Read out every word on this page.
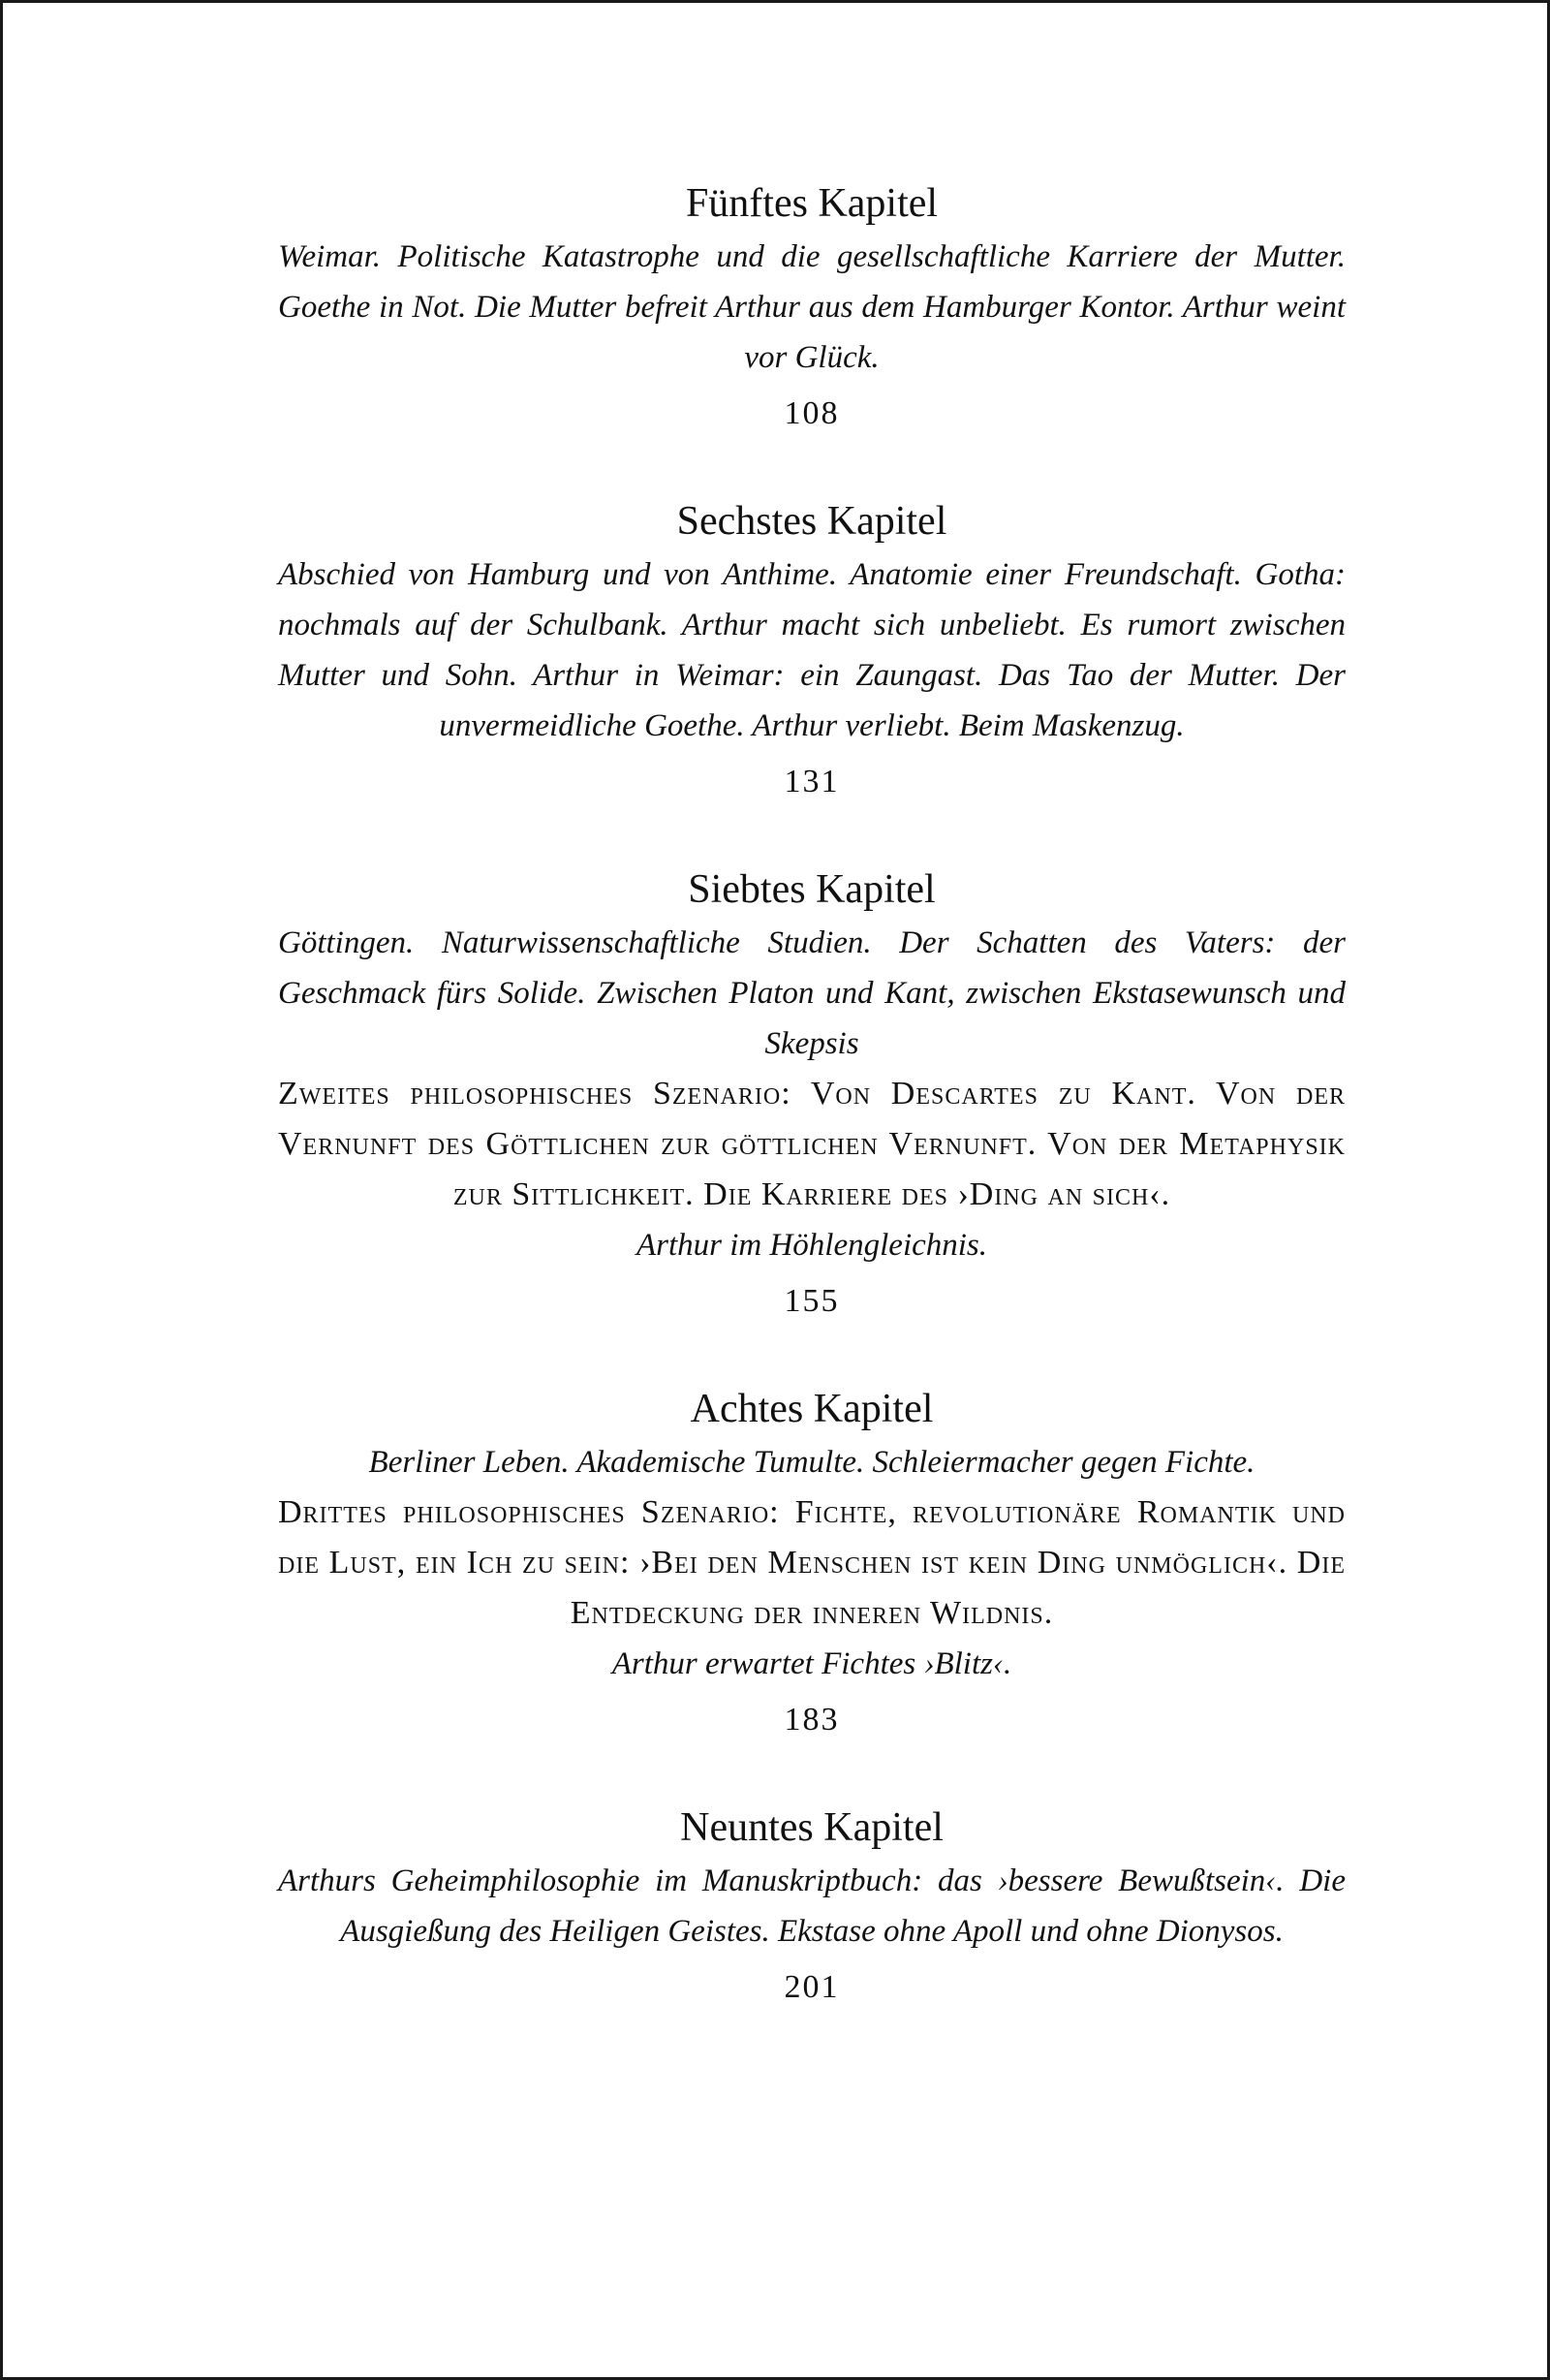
Fünftes Kapitel

Weimar. Politische Katastrophe und die gesellschaftliche Karriere der Mutter. Goethe in Not. Die Mutter befreit Arthur aus dem Hamburger Kontor. Arthur weint vor Glück.

108

Sechstes Kapitel

Abschied von Hamburg und von Anthime. Anatomie einer Freundschaft. Gotha: nochmals auf der Schulbank. Arthur macht sich unbeliebt. Es rumort zwischen Mutter und Sohn. Arthur in Weimar: ein Zaungast. Das Tao der Mutter. Der unvermeidliche Goethe. Arthur verliebt. Beim Maskenzug.

131

Siebtes Kapitel

Göttingen. Naturwissenschaftliche Studien. Der Schatten des Vaters: der Geschmack fürs Solide. Zwischen Platon und Kant, zwischen Ekstasewunsch und Skepsis

Zweites philosophisches Szenario: Von Descartes zu Kant. Von der Vernunft des Göttlichen zur göttlichen Vernunft. Von der Metaphysik zur Sittlichkeit. Die Karriere des ›Ding an sich‹.

Arthur im Höhlengleichnis.

155

Achtes Kapitel

Berliner Leben. Akademische Tumulte. Schleiermacher gegen Fichte.

Drittes philosophisches Szenario: Fichte, revolutionäre Romantik und die Lust, ein Ich zu sein: ›Bei den Menschen ist kein Ding unmöglich‹. Die Entdeckung der inneren Wildnis.

Arthur erwartet Fichtes ›Blitz‹.

183

Neuntes Kapitel

Arthurs Geheimphilosophie im Manuskriptbuch: das ›bessere Bewußtsein‹. Die Ausgießung des Heiligen Geistes. Ekstase ohne Apoll und ohne Dionysos.

201
